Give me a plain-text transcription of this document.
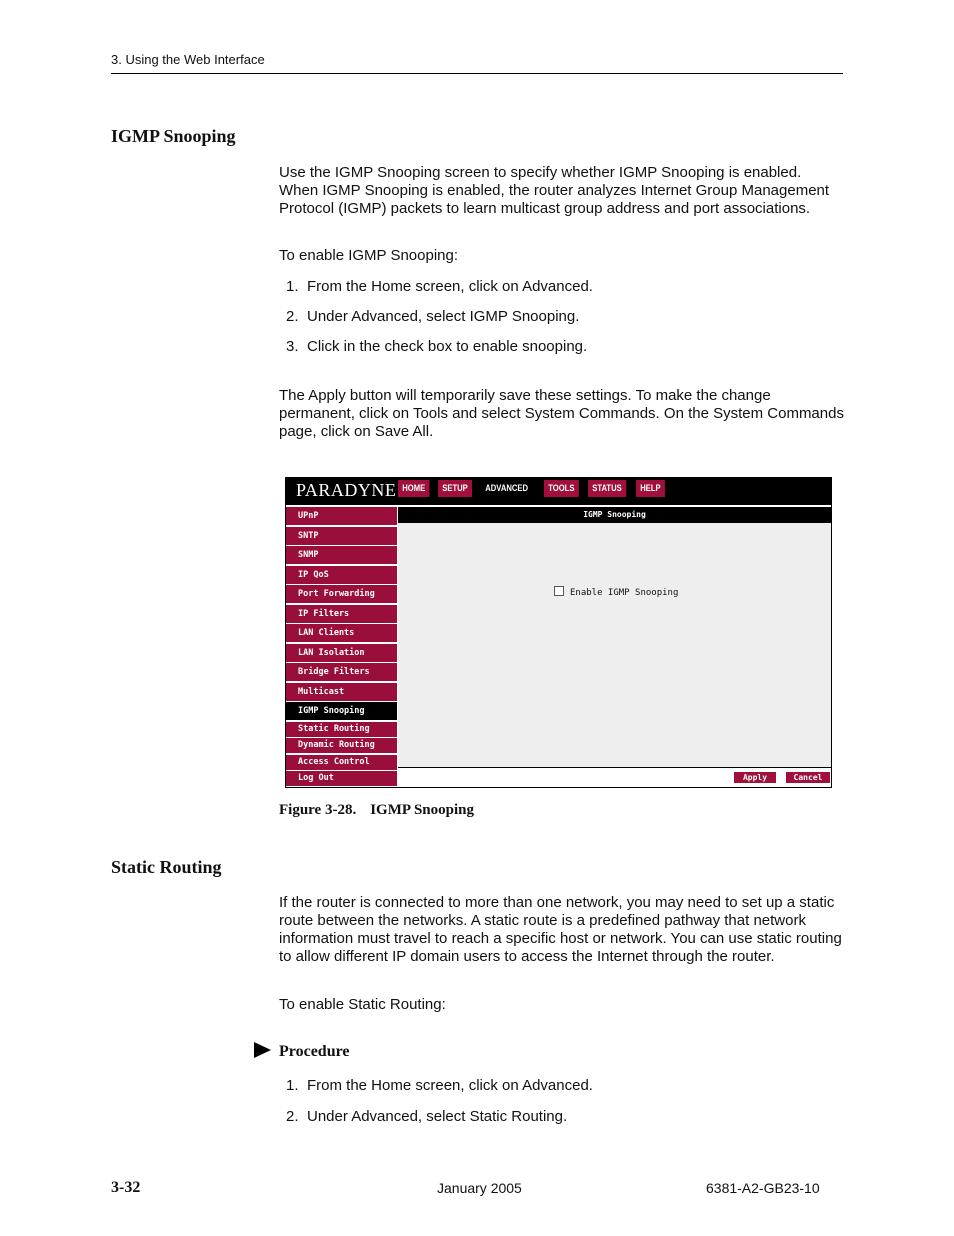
3. Using the Web Interface
IGMP Snooping

Use the IGMP Snooping screen to specify whether IGMP Snooping is enabled. When IGMP Snooping is enabled, the router analyzes Internet Group Management Protocol (IGMP) packets to learn multicast group address and port associations.

To enable IGMP Snooping:

1. From the Home screen, click on Advanced.
2. Under Advanced, select IGMP Snooping.
3. Click in the check box to enable snooping.

The Apply button will temporarily save these settings. To make the change permanent, click on Tools and select System Commands. On the System Commands page, click on Save All.

PARADYNE HOME	SETUP	ADVANCED	TOOLS	STATUS	HELP
UPnP
SNTP
SNMP
IP QoS
Port Forwarding
IP Filters
LAN Clients
LAN Isolation
Bridge Filters
Multicast
IGMP Snooping
Static Routing
Dynamic Routing
Access Control
Log Out
IGMP Snooping
Enable IGMP Snooping
Apply	Cancel
Figure 3-28. IGMP Snooping
Static Routing

If the router is connected to more than one network, you may need to set up a static route between the networks. A static route is a predefined pathway that network information must travel to reach a specific host or network. You can use static routing to allow different IP domain users to access the Internet through the router.

To enable Static Routing:

Procedure
1. From the Home screen, click on Advanced.
2. Under Advanced, select Static Routing.
3-32	January 2005	6381-A2-GB23-10
